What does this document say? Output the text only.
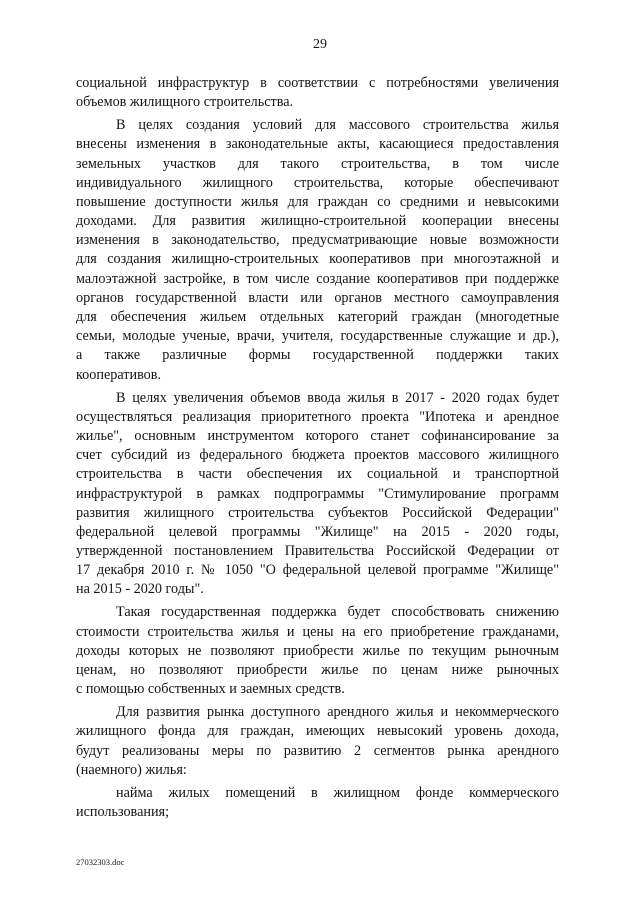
29
социальной инфраструктур в соответствии с потребностями увеличения
объемов жилищного строительства.
В целях создания условий для массового строительства жилья
внесены изменения в законодательные акты, касающиеся предоставления
земельных участков для такого строительства, в том числе
индивидуального жилищного строительства, которые обеспечивают
повышение доступности жилья для граждан со средними и невысокими
доходами. Для развития жилищно-строительной кооперации внесены
изменения в законодательство, предусматривающие новые возможности
для создания жилищно-строительных кооперативов при многоэтажной и
малоэтажной застройке, в том числе создание кооперативов при поддержке
органов государственной власти или органов местного самоуправления
для обеспечения жильем отдельных категорий граждан (многодетные
семьи, молодые ученые, врачи, учителя, государственные служащие и др.),
а также различные формы государственной поддержки таких
кооперативов.
В целях увеличения объемов ввода жилья в 2017 - 2020 годах будет
осуществляться реализация приоритетного проекта "Ипотека и арендное
жилье", основным инструментом которого станет софинансирование за
счет субсидий из федерального бюджета проектов массового жилищного
строительства в части обеспечения их социальной и транспортной
инфраструктурой в рамках подпрограммы "Стимулирование программ
развития жилищного строительства субъектов Российской Федерации"
федеральной целевой программы "Жилище" на 2015 - 2020 годы,
утвержденной постановлением Правительства Российской Федерации от
17 декабря 2010 г. № 1050 "О федеральной целевой программе "Жилище"
на 2015 - 2020 годы".
Такая государственная поддержка будет способствовать снижению
стоимости строительства жилья и цены на его приобретение гражданами,
доходы которых не позволяют приобрести жилье по текущим рыночным
ценам, но позволяют приобрести жилье по ценам ниже рыночных
с помощью собственных и заемных средств.
Для развития рынка доступного арендного жилья и некоммерческого
жилищного фонда для граждан, имеющих невысокий уровень дохода,
будут реализованы меры по развитию 2 сегментов рынка арендного
(наемного) жилья:
найма жилых помещений в жилищном фонде коммерческого
использования;
27032303.doc
